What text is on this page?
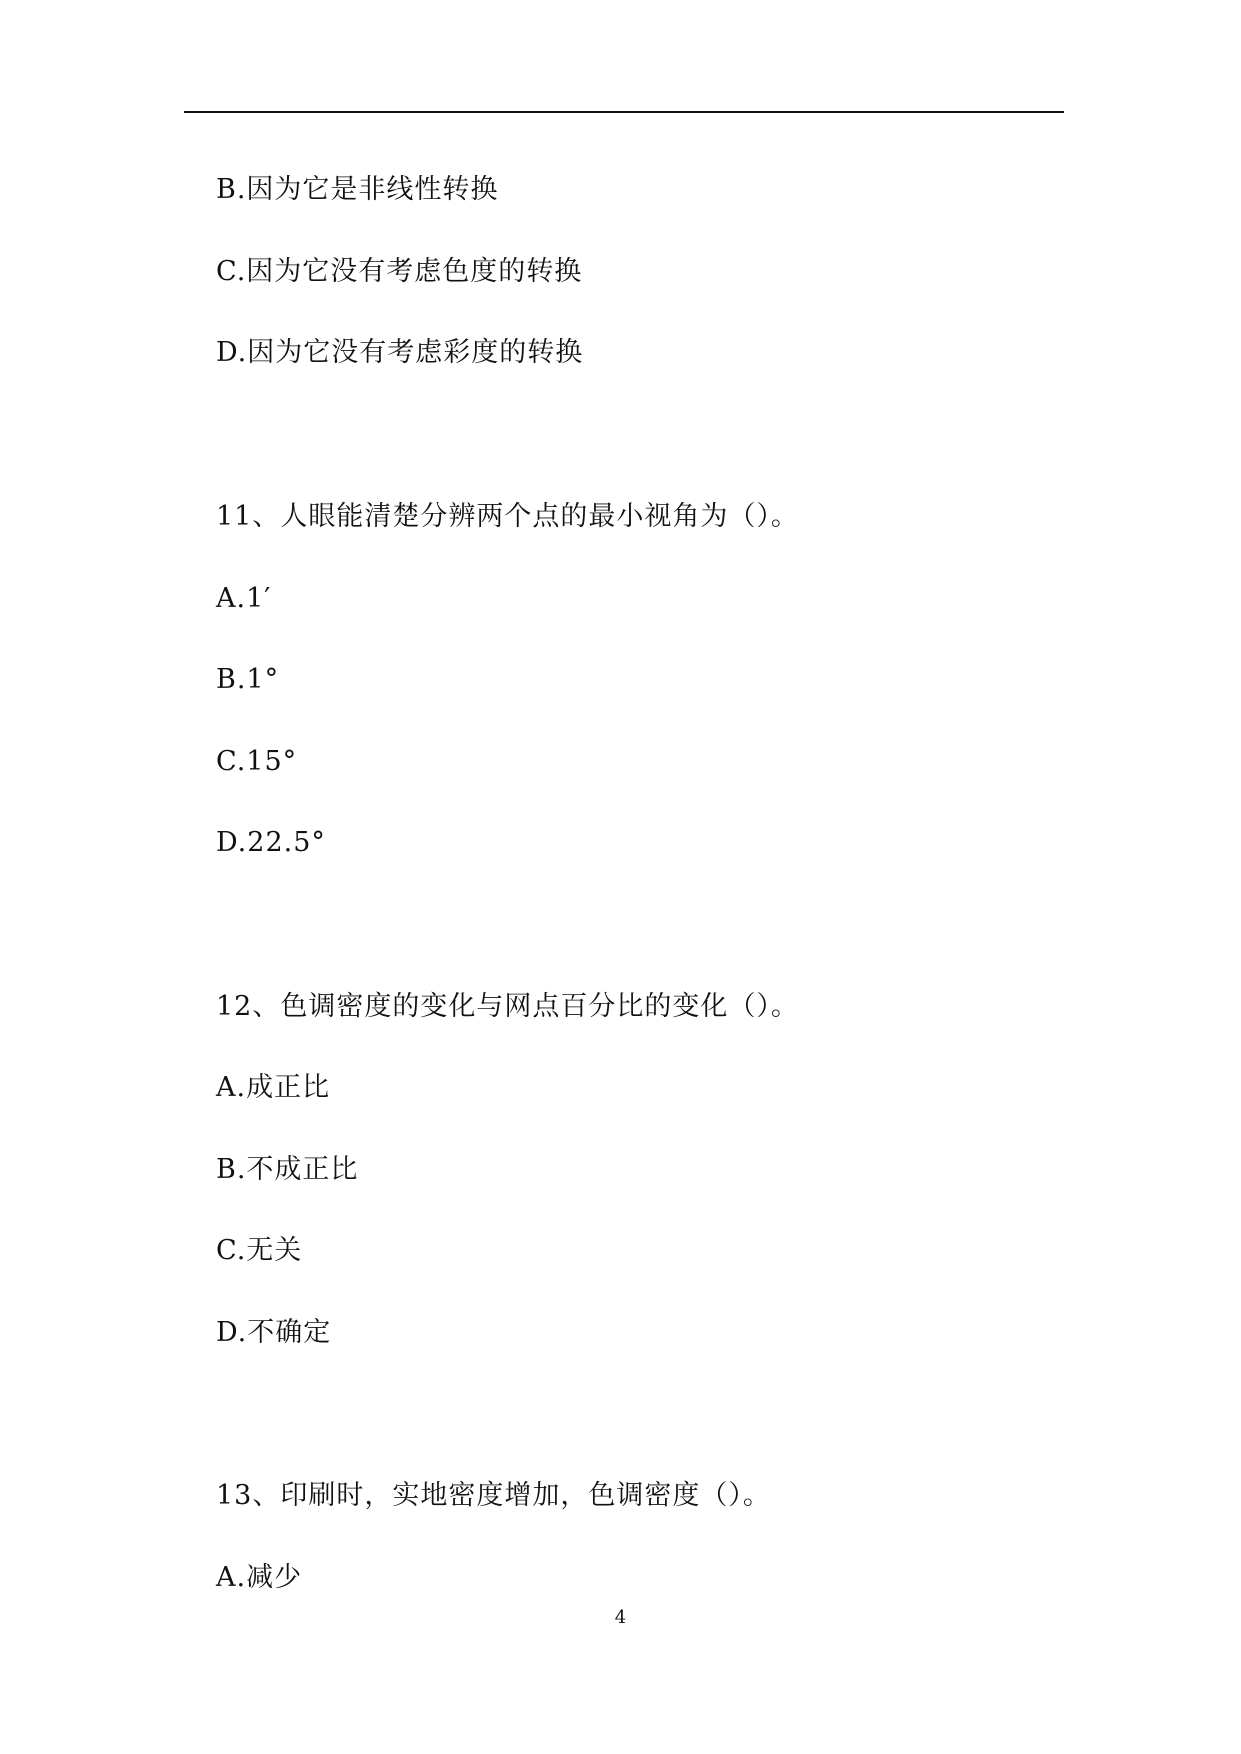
B.因为它是非线性转换
C.因为它没有考虑色度的转换
D.因为它没有考虑彩度的转换
11、人眼能清楚分辨两个点的最小视角为（）。
A.1′
B.1°
C.15°
D.22.5°
12、色调密度的变化与网点百分比的变化（）。
A.成正比
B.不成正比
C.无关
D.不确定
13、印刷时，实地密度增加，色调密度（）。
A.减少
4
